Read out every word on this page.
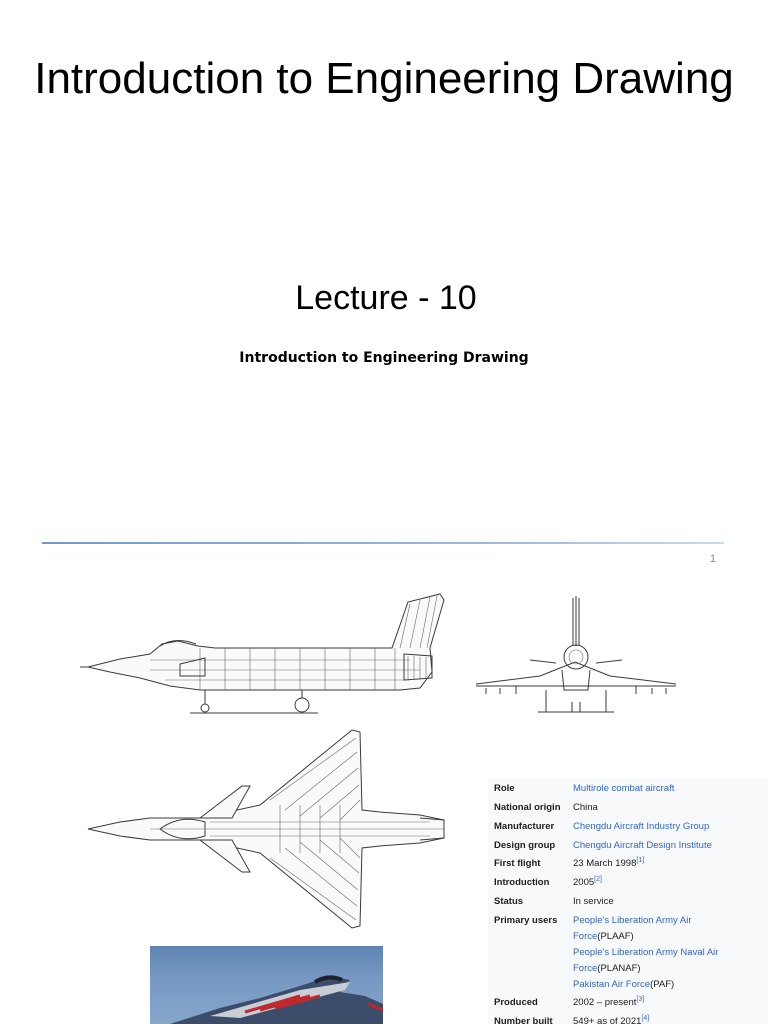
Introduction to Engineering Drawing
Lecture - 10
Introduction to Engineering Drawing
1
Role	Multirole combat aircraft
National origin	China
Manufacturer	Chengdu Aircraft Industry Group
Design group	Chengdu Aircraft Design Institute
First flight	23 March 1998[1]
Introduction	2005[2]
Status	In service
Primary users	People's Liberation Army Air
Force(PLAAF)
People's Liberation Army Naval Air
Force(PLANAF)
Pakistan Air Force(PAF)
Produced	2002 – present[3]
Number built	549+ as of 2021[4]
